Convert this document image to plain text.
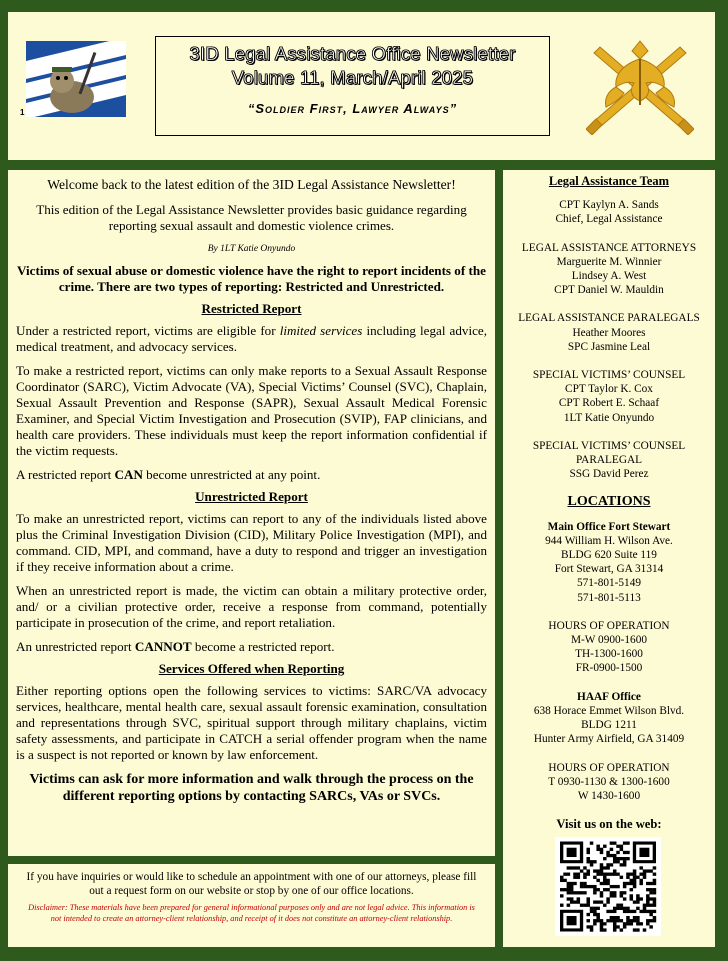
3d
1
3ID Legal Assistance Office Newsletter
Volume 11, March/April 2025
“Soldier First, Lawyer Always”

Welcome back to the latest edition of the 3ID Legal Assistance Newsletter!

This edition of the Legal Assistance Newsletter provides basic guidance regarding reporting sexual assault and domestic violence crimes.

By 1LT Katie Onyundo

Victims of sexual abuse or domestic violence have the right to report incidents of the crime. There are two types of reporting: Restricted and Unrestricted.

Restricted Report

Under a restricted report, victims are eligible for limited services including legal advice, medical treatment, and advocacy services.

To make a restricted report, victims can only make reports to a Sexual Assault Response Coordinator (SARC), Victim Advocate (VA), Special Victims’ Counsel (SVC), Chaplain, Sexual Assault Prevention and Response (SAPR), Sexual Assault Medical Forensic Examiner, and Special Victim Investigation and Prosecution (SVIP), FAP clinicians, and health care providers. These individuals must keep the report information confidential if the victim requests.

A restricted report CAN become unrestricted at any point.

Unrestricted Report

To make an unrestricted report, victims can report to any of the individuals listed above plus the Criminal Investigation Division (CID), Military Police Investigation (MPI), and command. CID, MPI, and command, have a duty to respond and trigger an investigation if they receive information about a crime.

When an unrestricted report is made, the victim can obtain a military protective order, and/ or a civilian protective order, receive a response from command, potentially participate in prosecution of the crime, and report retaliation.

An unrestricted report CANNOT become a restricted report.

Services Offered when Reporting

Either reporting options open the following services to victims: SARC/VA advocacy services, healthcare, mental health care, sexual assault forensic examination, consultation and representations through SVC, spiritual support through military chaplains, victim safety assessments, and participate in CATCH a serial offender program when the name is a suspect is not reported or known by law enforcement.

Victims can ask for more information and walk through the process on the different reporting options by contacting SARCs, VAs or SVCs.

Legal Assistance Team

CPT Kaylyn A. Sands

Chief, Legal Assistance

LEGAL ASSISTANCE ATTORNEYS

Marguerite M. Winnier

Lindsey A. West

CPT Daniel W. Mauldin

LEGAL ASSISTANCE PARALEGALS

Heather Moores

SPC Jasmine Leal

SPECIAL VICTIMS’ COUNSEL

CPT Taylor K. Cox

CPT Robert E. Schaaf

1LT Katie Onyundo

SPECIAL VICTIMS’ COUNSEL PARALEGAL

SSG David Perez

LOCATIONS

Main Office Fort Stewart

944 William H. Wilson Ave.

BLDG 620 Suite 119

Fort Stewart, GA 31314

571-801-5149

571-801-5113

HOURS OF OPERATION

M-W 0900-1600

TH-1300-1600

FR-0900-1500

HAAF Office

638 Horace Emmet Wilson Blvd.

BLDG 1211

Hunter Army Airfield, GA 31409

HOURS OF OPERATION

T 0930-1130 & 1300-1600

W 1430-1600

Visit us on the web:

If you have inquiries or would like to schedule an appointment with one of our attorneys, please fill out a request form on our website or stop by one of our office locations.

Disclaimer: These materials have been prepared for general informational purposes only and are not legal advice. This information is not intended to create an attorney-client relationship, and receipt of it does not constitute an attorney-client relationship.
